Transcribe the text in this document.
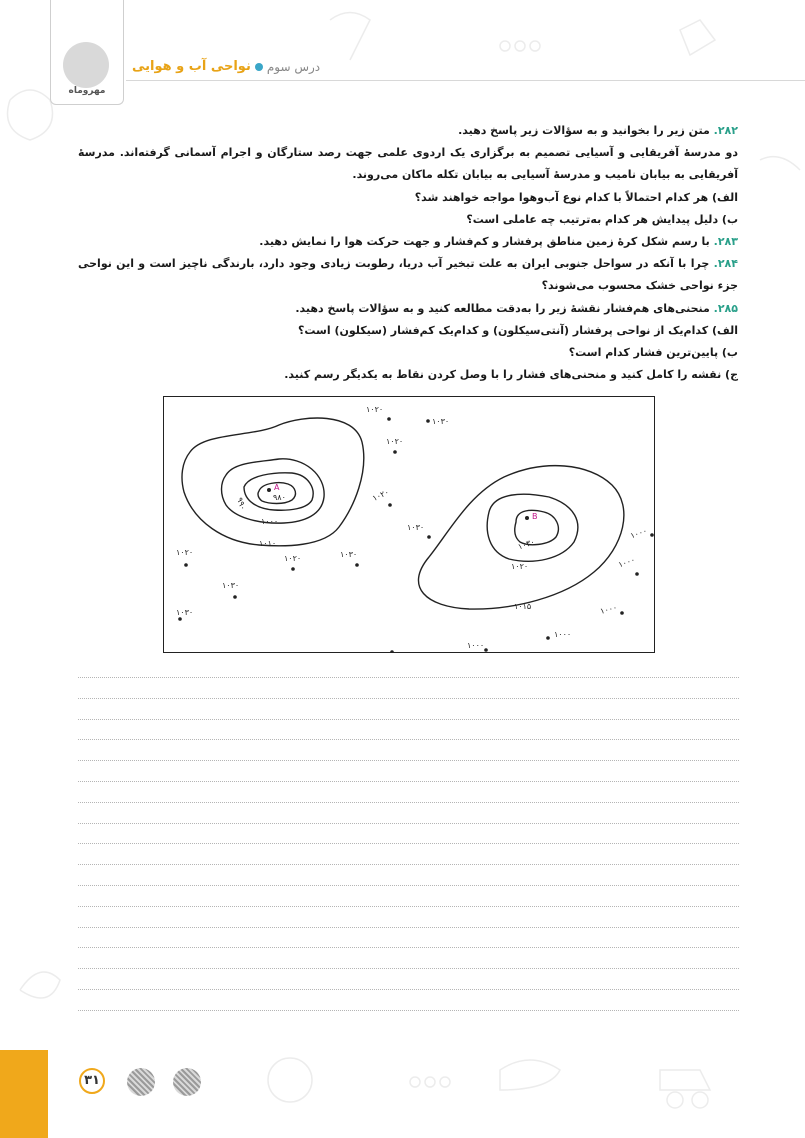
مهروماه
درس سوم
نواحی آب و هوایی

۲۸۲. متن زیر را بخوانید و به سؤالات زیر پاسخ دهید.

دو مدرسهٔ آفریقایی و آسیایی تصمیم به برگزاری یک اردوی علمی جهت رصد ستارگان و اجرام آسمانی گرفته‌اند. مدرسهٔ آفریقایی به بیابان نامیب و مدرسهٔ آسیایی به بیابان تکله ماکان می‌روند.

الف) هر کدام احتمالاً با کدام نوع آب‌وهوا مواجه خواهند شد؟

ب) دلیل پیدایش هر کدام به‌ترتیب چه عاملی است؟

۲۸۳. با رسم شکل کرهٔ زمین مناطق پرفشار و کم‌فشار و جهت حرکت هوا را نمایش دهید.

۲۸۴. چرا با آنکه در سواحل جنوبی ایران به علت تبخیر آب دریا، رطوبت زیادی وجود دارد، بارندگی ناچیز است و این نواحی جزء نواحی خشک محسوب می‌شوند؟

۲۸۵. منحنی‌های هم‌فشار نقشهٔ زیر را به‌دقت مطالعه کنید و به سؤالات پاسخ دهید.

الف) کدام‌یک از نواحی پرفشار (آنتی‌سیکلون) و کدام‌یک کم‌فشار (سیکلون) است؟

ب) پایین‌ترین فشار کدام است؟

ج) نقشه را کامل کنید و منحنی‌های فشار را با وصل کردن نقاط به یکدیگر رسم کنید.

۹۸۰
۹۹۰
۱۰۰۰
۱۰۱۰	۱۰۳۰
۱۰۲۰
۱۰۱۵
A
B
۱۰۲۰
۱۰۳۰
۱۰۲۰
۱۰۲۰
۱۰۳۰
۱۰۲۰
۱۰۲۰	۱۰۳۰
۱۰۳۰
۱۰۳۰
۱۰۰۰
۱۰۰۰
۱۰۰۰
۱۰۰۰
۱۰۰۰
۳۱
